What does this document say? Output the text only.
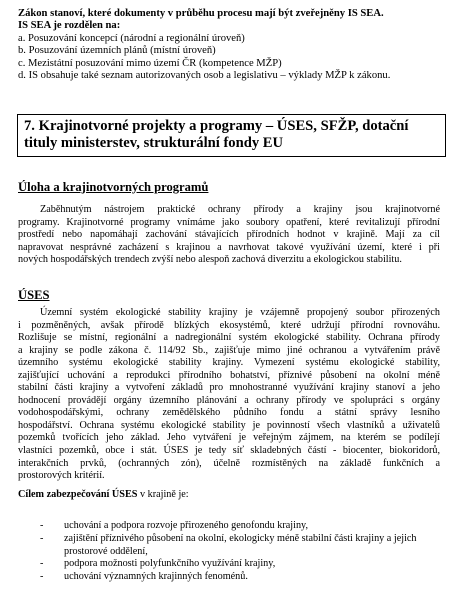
Zákon stanoví, které dokumenty v průběhu procesu mají být zveřejněny IS SEA.
IS SEA je rozdělen na:
a. Posuzování koncepcí (národní a regionální úroveň)
b. Posuzování územních plánů (místní úroveň)
c. Mezistátní posuzování mimo území ČR (kompetence MŽP)
d. IS obsahuje také seznam autorizovaných osob a legislativu – výklady MŽP k zákonu.
7. Krajinotvorné projekty a programy – ÚSES, SFŽP, dotační
tituly ministerstev, strukturální fondy EU
Úloha a krajinotvorných programů
Zaběhnutým nástrojem praktické ochrany přírody a krajiny jsou krajinotvorné
programy. Krajinotvorné programy vnímáme jako soubory opatření, které revitalizují přírodní
prostředí nebo napomáhají zachování stávajících přírodních hodnot v krajině. Mají za cíl
napravovat nesprávné zacházení s krajinou a navrhovat takové využívání území, které i při
nových hospodářských trendech zvýší nebo alespoň zachová diverzitu a ekologickou stabilitu.
ÚSES
Územní systém ekologické stability krajiny je vzájemně propojený soubor přirozených
i pozměněných, avšak přírodě blízkých ekosystémů, které udržují přírodní rovnováhu.
Rozlišuje se místní, regionální a nadregionální systém ekologické stability. Ochrana přírody
a krajiny se podle zákona č. 114/92 Sb., zajišťuje mimo jiné ochranou a vytvářením právě
územního systému ekologické stability krajiny. Vymezení systému ekologické stability,
zajišťující uchování a reprodukci přírodního bohatství, příznivé působení na okolní méně
stabilní části krajiny a vytvoření základů pro mnohostranné využívání krajiny stanoví a jeho
hodnocení provádějí orgány územního plánování a ochrany přírody ve spolupráci s orgány
vodohospodářskými, ochrany zemědělského půdního fondu a státní správy lesního
hospodářství. Ochrana systému ekologické stability je povinností všech vlastníků a uživatelů
pozemků tvořících jeho základ. Jeho vytváření je veřejným zájmem, na kterém se podílejí
vlastníci pozemků, obce i stát. ÚSES je tedy síť skladebných částí - biocenter, biokoridorů,
interakčních prvků, (ochranných zón), účelně rozmístěných na základě funkčních a
prostorových kritérií.
Cílem zabezpečování ÚSES v krajině je:
- uchování a podpora rozvoje přirozeného genofondu krajiny,
- zajištění příznivého působení na okolní, ekologicky méně stabilní části krajiny a jejich prostorové oddělení,
- podpora možnosti polyfunkčního využívání krajiny,
- uchování významných krajinných fenoménů.
